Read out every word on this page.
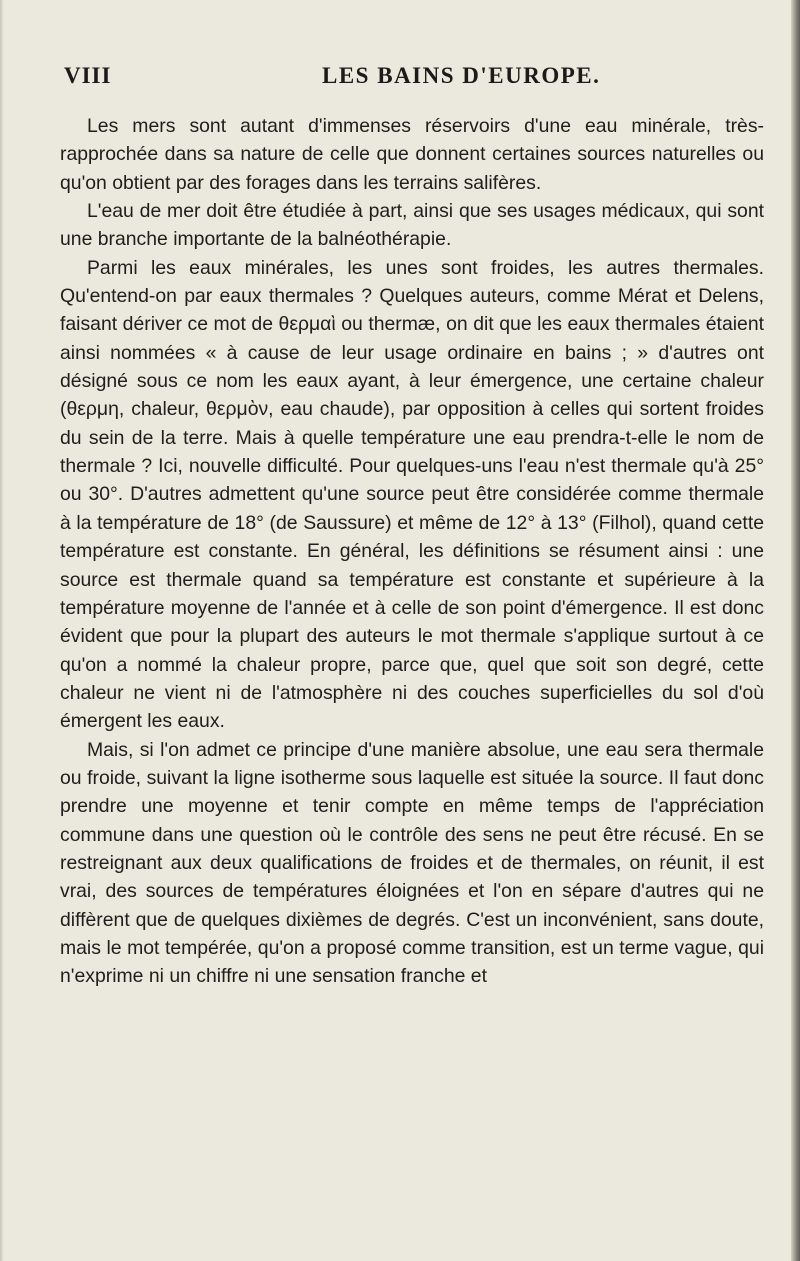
VIII	LES BAINS D'EUROPE.

Les mers sont autant d'immenses réservoirs d'une eau minérale, très-rapprochée dans sa nature de celle que donnent certaines sources naturelles ou qu'on obtient par des forages dans les terrains salifères.

L'eau de mer doit être étudiée à part, ainsi que ses usages médicaux, qui sont une branche importante de la balnéothérapie.

Parmi les eaux minérales, les unes sont froides, les autres thermales. Qu'entend-on par eaux thermales ? Quelques auteurs, comme Mérat et Delens, faisant dériver ce mot de θερμαὶ ou thermæ, on dit que les eaux thermales étaient ainsi nommées « à cause de leur usage ordinaire en bains ; » d'autres ont désigné sous ce nom les eaux ayant, à leur émergence, une certaine chaleur (θερμη, chaleur, θερμὸν, eau chaude), par opposition à celles qui sortent froides du sein de la terre. Mais à quelle température une eau prendra-t-elle le nom de thermale ? Ici, nouvelle difficulté. Pour quelques-uns l'eau n'est thermale qu'à 25° ou 30°. D'autres admettent qu'une source peut être considérée comme thermale à la température de 18° (de Saussure) et même de 12° à 13° (Filhol), quand cette température est constante. En général, les définitions se résument ainsi : une source est thermale quand sa température est constante et supérieure à la température moyenne de l'année et à celle de son point d'émergence. Il est donc évident que pour la plupart des auteurs le mot thermale s'applique surtout à ce qu'on a nommé la chaleur propre, parce que, quel que soit son degré, cette chaleur ne vient ni de l'atmosphère ni des couches superficielles du sol d'où émergent les eaux.

Mais, si l'on admet ce principe d'une manière absolue, une eau sera thermale ou froide, suivant la ligne isotherme sous laquelle est située la source. Il faut donc prendre une moyenne et tenir compte en même temps de l'appréciation commune dans une question où le contrôle des sens ne peut être récusé. En se restreignant aux deux qualifications de froides et de thermales, on réunit, il est vrai, des sources de températures éloignées et l'on en sépare d'autres qui ne diffèrent que de quelques dixièmes de degrés. C'est un inconvénient, sans doute, mais le mot tempérée, qu'on a proposé comme transition, est un terme vague, qui n'exprime ni un chiffre ni une sensation franche et
